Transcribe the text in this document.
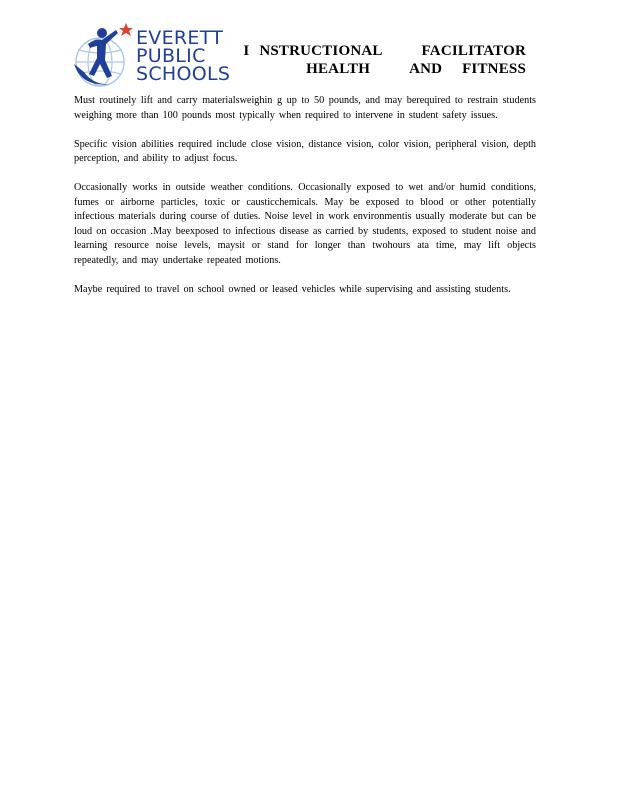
EVERETT
PUBLIC
SCHOOLS
I NSTRUCTIONAL    FACILITATOR
HEALTH    AND  FITNESS

Must routinely lift and carry materialsweighin g up to 50 pounds, and may berequired to restrain students weighing more than 100 pounds most typically when required to intervene in student safety issues.

Specific vision abilities required include close vision, distance vision, color vision, peripheral vision, depth perception, and ability to adjust focus.

Occasionally works in outside weather conditions. Occasionally exposed to wet and/or humid conditions, fumes or airborne particles, toxic or causticchemicals. May be exposed to blood or other potentially infectious materials during course of duties. Noise level in work environmentis usually moderate but can be loud on occasion .May beexposed to infectious disease as carried by students, exposed to student noise and learning resource noise levels, maysit or stand for longer than twohours ata time, may lift objects repeatedly, and may undertake repeated motions.

Maybe required to travel on school owned or leased vehicles while supervising and assisting students.
